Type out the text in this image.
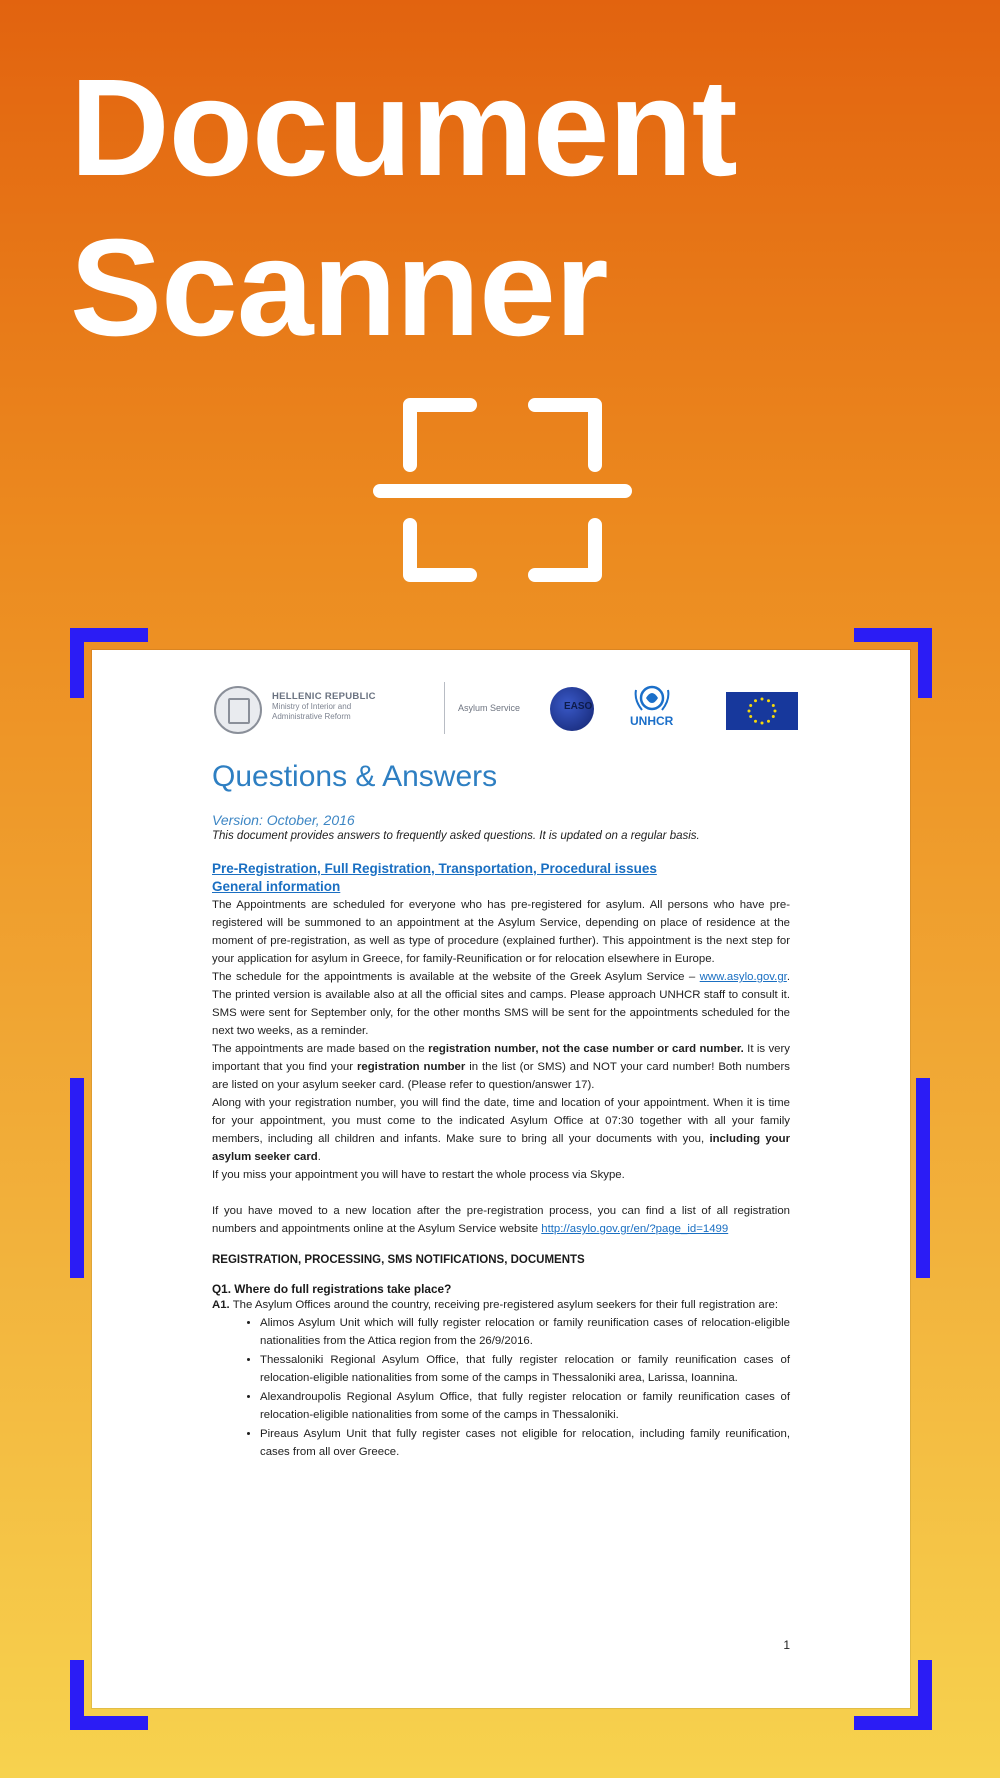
Document
Scanner
HELLENIC REPUBLIC
Ministry of Interior and
Administrative Reform
Asylum Service	EASO
UNHCR
Questions & Answers
Version: October, 2016
This document provides answers to frequently asked questions. It is updated on a regular basis.
Pre-Registration, Full Registration, Transportation, Procedural issues
General information

The Appointments are scheduled for everyone who has pre-registered for asylum. All persons who have pre-registered will be summoned to an appointment at the Asylum Service, depending on place of residence at the moment of pre-registration, as well as type of procedure (explained further). This appointment is the next step for your application for asylum in Greece, for family-Reunification or for relocation elsewhere in Europe.

The schedule for the appointments is available at the website of the Greek Asylum Service – www.asylo.gov.gr. The printed version is available also at all the official sites and camps. Please approach UNHCR staff to consult it. SMS were sent for September only, for the other months SMS will be sent for the appointments scheduled for the next two weeks, as a reminder.

The appointments are made based on the registration number, not the case number or card number. It is very important that you find your registration number in the list (or SMS) and NOT your card number! Both numbers are listed on your asylum seeker card. (Please refer to question/answer 17).

Along with your registration number, you will find the date, time and location of your appointment. When it is time for your appointment, you must come to the indicated Asylum Office at 07:30 together with all your family members, including all children and infants. Make sure to bring all your documents with you, including your asylum seeker card.

If you miss your appointment you will have to restart the whole process via Skype.

If you have moved to a new location after the pre-registration process, you can find a list of all registration numbers and appointments online at the Asylum Service website http://asylo.gov.gr/en/?page_id=1499

REGISTRATION, PROCESSING, SMS NOTIFICATIONS, DOCUMENTS
Q1. Where do full registrations take place?

A1. The Asylum Offices around the country, receiving pre-registered asylum seekers for their full registration are:

• Alimos Asylum Unit which will fully register relocation or family reunification cases of relocation-eligible nationalities from the Attica region from the 26/9/2016.
• Thessaloniki Regional Asylum Office, that fully register relocation or family reunification cases of relocation-eligible nationalities from some of the camps in Thessaloniki area, Larissa, Ioannina.
• Alexandroupolis Regional Asylum Office, that fully register relocation or family reunification cases of relocation-eligible nationalities from some of the camps in Thessaloniki.
• Pireaus Asylum Unit that fully register cases not eligible for relocation, including family reunification, cases from all over Greece.
1
